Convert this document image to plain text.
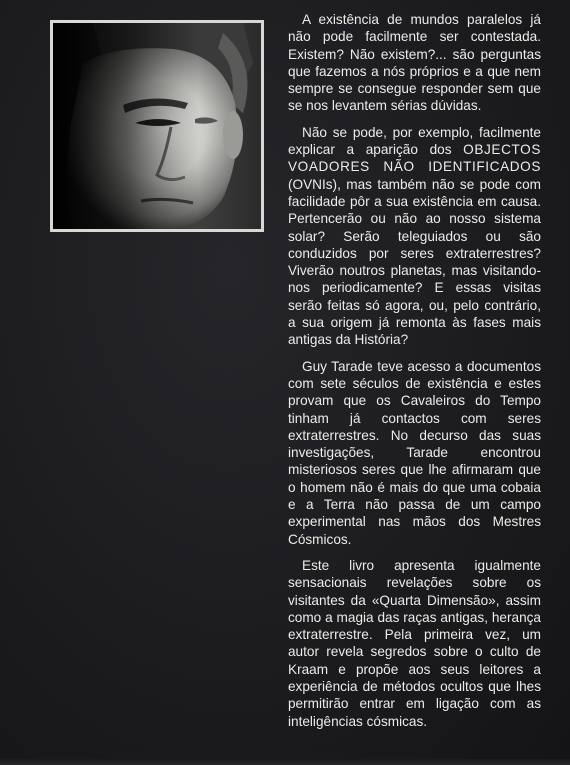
A existência de mundos paralelos já não pode facilmente ser contestada. Existem? Não existem?... são perguntas que fazemos a nós próprios e a que nem sempre se consegue responder sem que se nos levantem sérias dúvidas.

Não se pode, por exemplo, facilmente explicar a aparição dos OBJECTOS VOADORES NÃO IDENTIFICADOS (OVNIs), mas também não se pode com facilidade pôr a sua existência em causa. Pertencerão ou não ao nosso sistema solar? Serão teleguiados ou são conduzidos por seres extraterrestres? Viverão noutros planetas, mas visitando-nos periodicamente? E essas visitas serão feitas só agora, ou, pelo contrário, a sua origem já remonta às fases mais antigas da História?

Guy Tarade teve acesso a documentos com sete séculos de existência e estes provam que os Cavaleiros do Tempo tinham já contactos com seres extraterrestres. No decurso das suas investigações, Tarade encontrou misteriosos seres que lhe afirmaram que o homem não é mais do que uma cobaia e a Terra não passa de um campo experimental nas mãos dos Mestres Cósmicos.

Este livro apresenta igualmente sensacionais revelações sobre os visitantes da «Quarta Dimensão», assim como a magia das raças antigas, herança extraterrestre. Pela primeira vez, um autor revela segredos sobre o culto de Kraam e propõe aos seus leitores a experiência de métodos ocultos que lhes permitirão entrar em ligação com as inteligências cósmicas.
